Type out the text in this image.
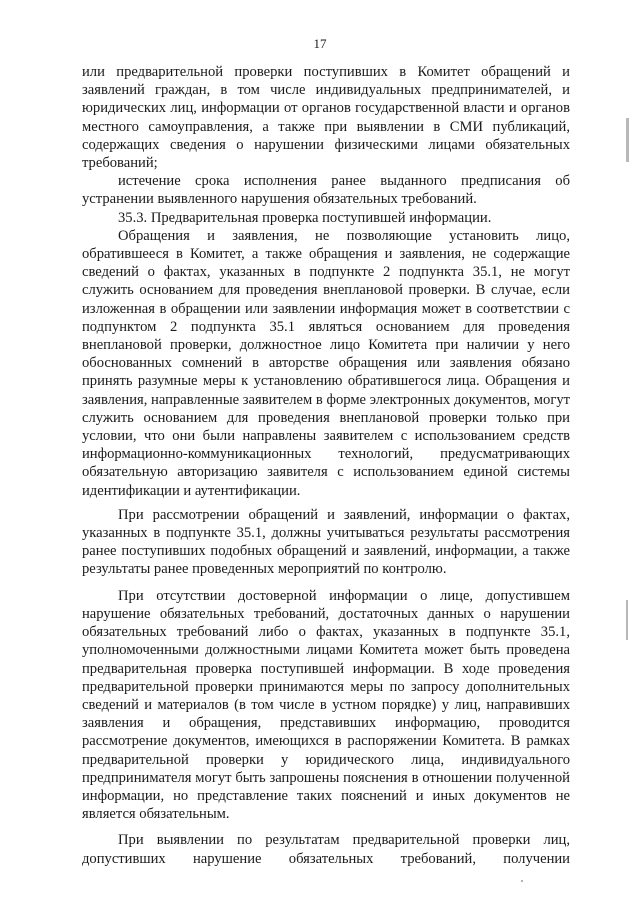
17

или предварительной проверки поступивших в Комитет обращений и заявлений граждан, в том числе индивидуальных предпринимателей, и юридических лиц, информации от органов государственной власти и органов местного самоуправления, а также при выявлении в СМИ публикаций, содержащих сведения о нарушении физическими лицами обязательных требований;

истечение срока исполнения ранее выданного предписания об устранении выявленного нарушения обязательных требований.

35.3. Предварительная проверка поступившей информации.

Обращения и заявления, не позволяющие установить лицо, обратившееся в Комитет, а также обращения и заявления, не содержащие сведений о фактах, указанных в подпункте 2 подпункта 35.1, не могут служить основанием для проведения внеплановой проверки. В случае, если изложенная в обращении или заявлении информация может в соответствии с подпунктом 2 подпункта 35.1 являться основанием для проведения внеплановой проверки, должностное лицо Комитета при наличии у него обоснованных сомнений в авторстве обращения или заявления обязано принять разумные меры к установлению обратившегося лица. Обращения и заявления, направленные заявителем в форме электронных документов, могут служить основанием для проведения внеплановой проверки только при условии, что они были направлены заявителем с использованием средств информационно-коммуникационных технологий, предусматривающих обязательную авторизацию заявителя с использованием единой системы идентификации и аутентификации.

При рассмотрении обращений и заявлений, информации о фактах, указанных в подпункте 35.1, должны учитываться результаты рассмотрения ранее поступивших подобных обращений и заявлений, информации, а также результаты ранее проведенных мероприятий по контролю.

При отсутствии достоверной информации о лице, допустившем нарушение обязательных требований, достаточных данных о нарушении обязательных требований либо о фактах, указанных в подпункте 35.1, уполномоченными должностными лицами Комитета может быть проведена предварительная проверка поступившей информации. В ходе проведения предварительной проверки принимаются меры по запросу дополнительных сведений и материалов (в том числе в устном порядке) у лиц, направивших заявления и обращения, представивших информацию, проводится рассмотрение документов, имеющихся в распоряжении Комитета. В рамках предварительной проверки у юридического лица, индивидуального предпринимателя могут быть запрошены пояснения в отношении полученной информации, но представление таких пояснений и иных документов не является обязательным.

При выявлении по результатам предварительной проверки лиц, допустивших нарушение обязательных требований, получении
